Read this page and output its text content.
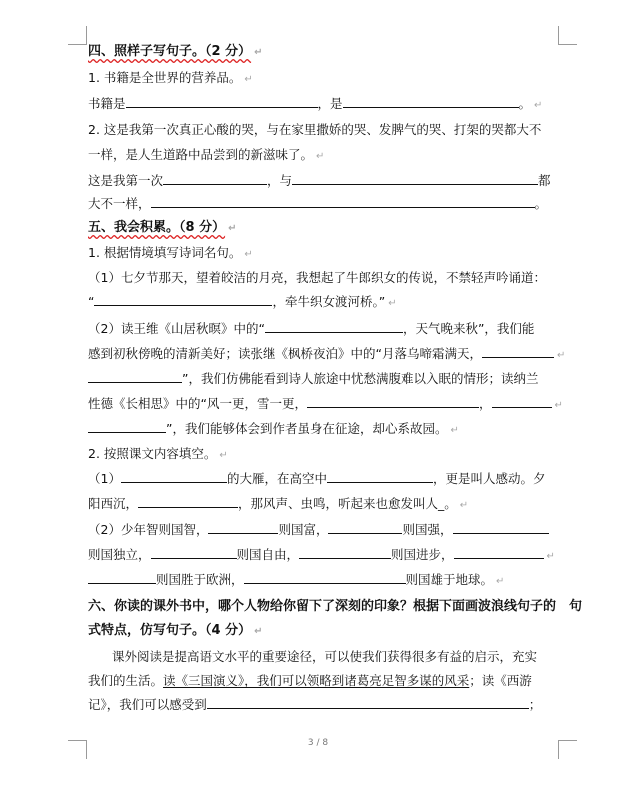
四、照样子写句子。（2 分） ↵
1. 书籍是全世界的营养品。 ↵
书籍是	，是	。 ↵
2. 这是我第一次真正心酸的哭，与在家里撒娇的哭、发脾气的哭、打架的哭都大不
一样，是人生道路中品尝到的新滋味了。 ↵
这是我第一次	，与	都
大不一样，	。
五、我会积累。（8 分） ↵
1. 根据情境填写诗词名句。 ↵
（1）七夕节那天，望着皎洁的月亮，我想起了牛郎织女的传说，不禁轻声吟诵道：
“	，牵牛织女渡河桥。” ↵
（2）读王维《山居秋暝》中的“	，天气晚来秋”，我们能
感到初秋傍晚的清新美好；读张继《枫桥夜泊》中的“月落乌啼霜满天，	↵
”，我们仿佛能看到诗人旅途中忧愁满腹难以入眠的情形；读纳兰
性德《长相思》中的“风一更，雪一更，	，	↵
”，我们能够体会到作者虽身在征途，却心系故园。 ↵
2. 按照课文内容填空。 ↵
（1）	的大雁，在高空中	，更是叫人感动。夕
阳西沉，	，那风声、虫鸣，听起来也愈发叫人_。 ↵
（2）少年智则国智，	则国富，	则国强，
则国独立，	则国自由，	则国进步，	↵
则国胜于欧洲，	则国雄于地球。 ↵
六、你读的课外书中，哪个人物给你留下了深刻的印象？根据下面画波浪线句子的　句
式特点，仿写句子。（4 分） ↵
课外阅读是提高语文水平的重要途径，可以使我们获得很多有益的启示，充实
我们的生活。读《三国演义》，我们可以领略到诸葛亮足智多谋的风采；读《西游
记》，我们可以感受到	；
3 / 8
